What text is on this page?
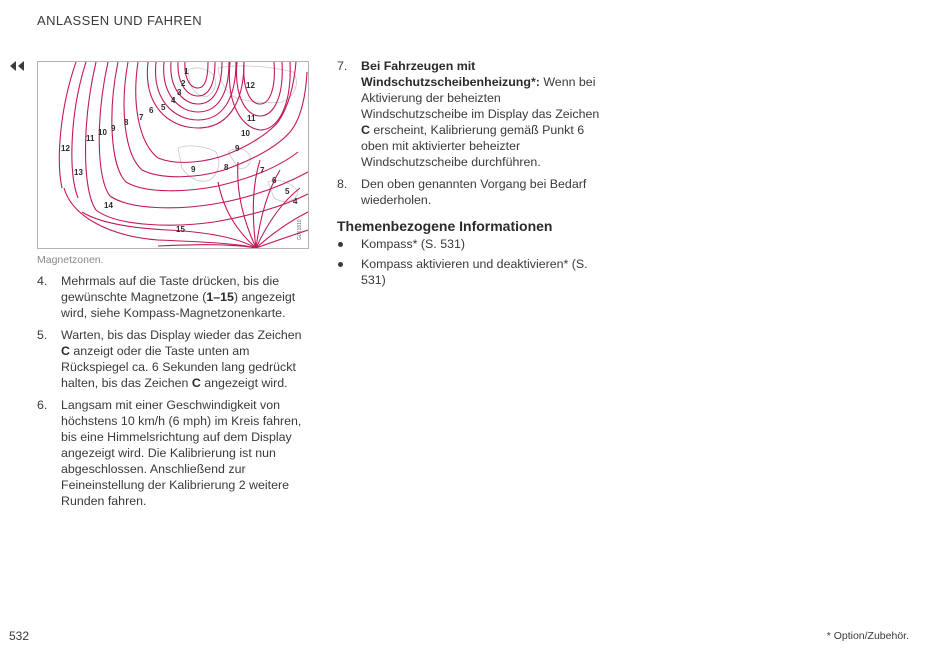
ANLASSEN UND FAHREN
1
2
3
4
5
6
7
8
9
10
11
12
13
14
15
12
11
10
9
9	8	7
6
5
4
G061810
Magnetzonen.
4. Mehrmals auf die Taste drücken, bis die gewünschte Magnetzone (1–15) angezeigt wird, siehe Kompass-Magnetzonenkarte.
5. Warten, bis das Display wieder das Zeichen C anzeigt oder die Taste unten am Rückspiegel ca. 6 Sekunden lang gedrückt halten, bis das Zeichen C angezeigt wird.
6. Langsam mit einer Geschwindigkeit von höchstens 10 km/h (6 mph) im Kreis fahren, bis eine Himmelsrichtung auf dem Display angezeigt wird. Die Kalibrierung ist nun abgeschlossen. Anschließend zur Feineinstellung der Kalibrierung 2 weitere Runden fahren.
7. Bei Fahrzeugen mit Windschutzscheibenheizung*: Wenn bei Aktivierung der beheizten Windschutzscheibe im Display das Zeichen C erscheint, Kalibrierung gemäß Punkt 6 oben mit aktivierter beheizter Windschutzscheibe durchführen.
8. Den oben genannten Vorgang bei Bedarf wiederholen.
Themenbezogene Informationen
Kompass* (S. 531)
Kompass aktivieren und deaktivieren* (S. 531)
532	* Option/Zubehör.
